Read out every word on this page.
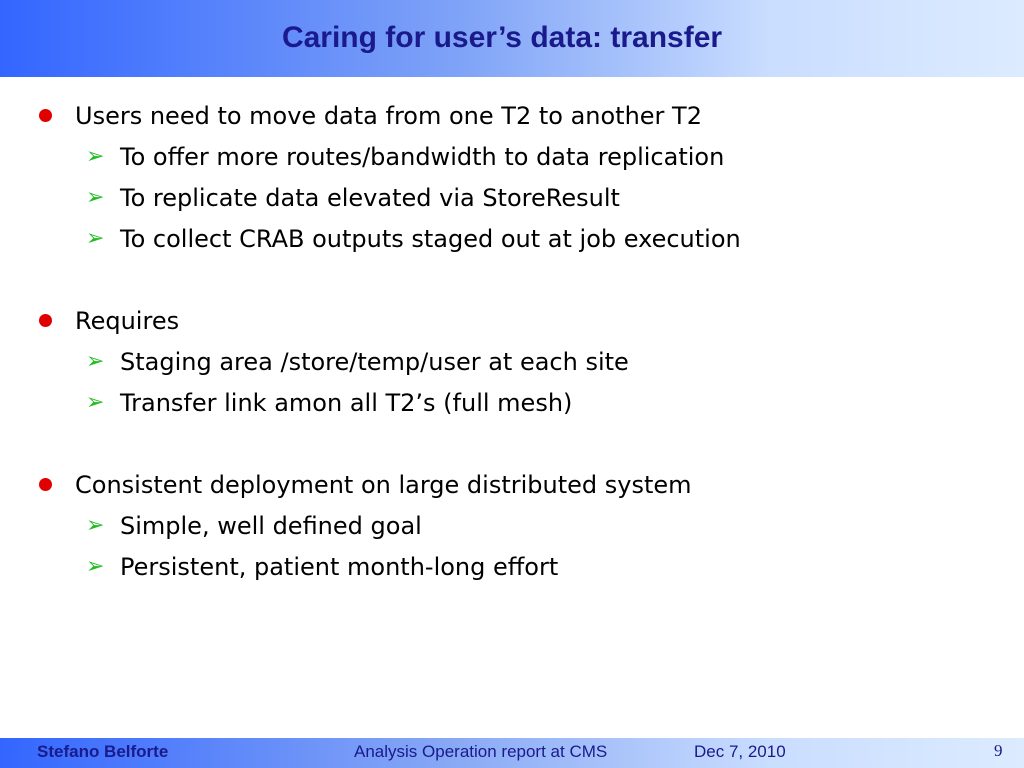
Caring for user’s data: transfer
Users need to move data from one T2 to another T2
➢ To offer more routes/bandwidth to data replication
➢ To replicate data elevated via StoreResult
➢ To collect CRAB outputs staged out at job execution
Requires
➢ Staging area /store/temp/user at each site
➢ Transfer link amon all T2’s (full mesh)
Consistent deployment on large distributed system
➢ Simple, well defined goal
➢ Persistent, patient month-long effort
Stefano Belforte	Analysis Operation report at CMS	Dec 7, 2010	9
